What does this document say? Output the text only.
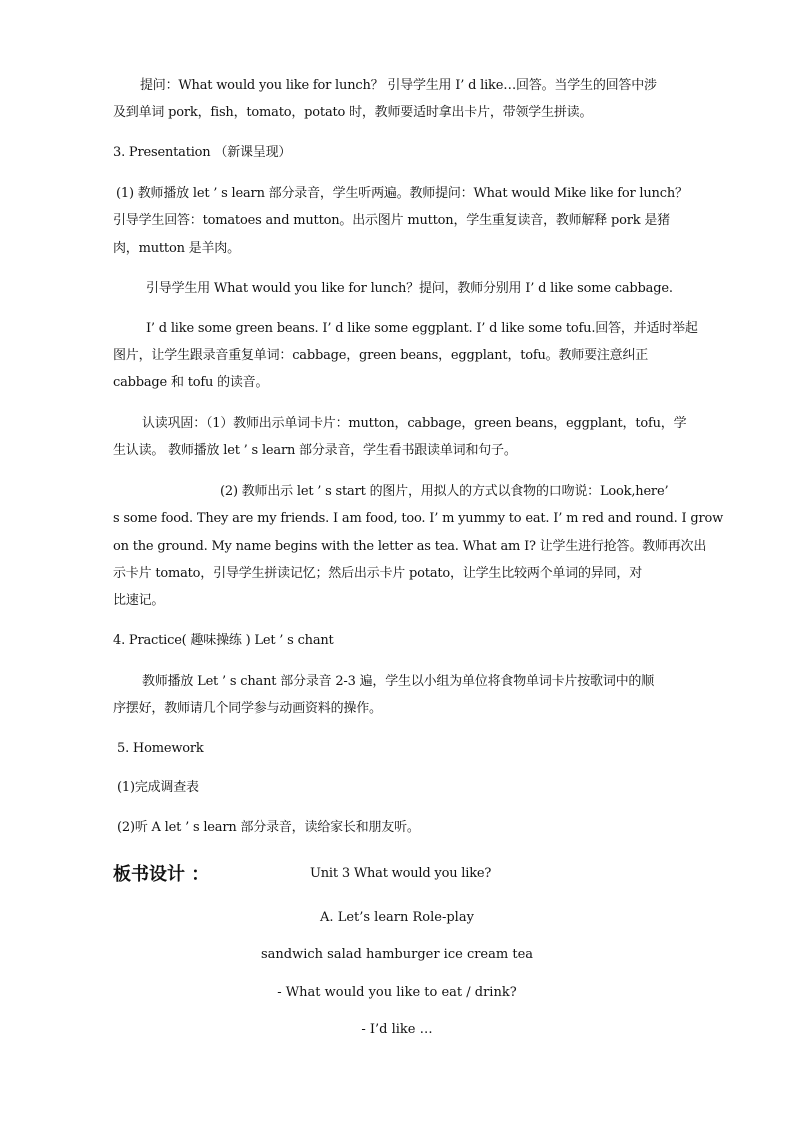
提问：What would you like for lunch？ 引导学生用 I’ d like…回答。当学生的回答中涉
及到单词 pork，fish，tomato，potato 时，教师要适时拿出卡片，带领学生拼读。
3. Presentation （新课呈现）
(1) 教师播放 let ’ s learn 部分录音，学生听两遍。教师提问：What would Mike like for lunch？
引导学生回答：tomatoes and mutton。出示图片 mutton，学生重复读音，教师解释 pork 是猪
肉，mutton 是羊肉。
引导学生用 What would you like for lunch？提问，教师分别用 I’ d like some cabbage.
I’ d like some green beans. I’ d like some eggplant. I’ d like some tofu.回答，并适时举起
图片，让学生跟录音重复单词：cabbage，green beans，eggplant，tofu。教师要注意纠正
cabbage 和 tofu 的读音。
认读巩固：（1）教师出示单词卡片：mutton，cabbage，green beans，eggplant，tofu，学
生认读。 教师播放 let ’ s learn 部分录音，学生看书跟读单词和句子。
(2) 教师出示 let ’ s start 的图片，用拟人的方式以食物的口吻说：Look,here’
s some food. They are my friends. I am food, too. I’ m yummy to eat. I’ m red and round. I grow
on the ground. My name begins with the letter as tea. What am I? 让学生进行抢答。教师再次出
示卡片 tomato，引导学生拼读记忆；然后出示卡片 potato，让学生比较两个单词的异同，对
比速记。
4. Practice( 趣味操练 ) Let ’ s chant
教师播放 Let ’ s chant 部分录音 2-3 遍，学生以小组为单位将食物单词卡片按歌词中的顺
序摆好，教师请几个同学参与动画资料的操作。
5. Homework
(1)完成调查表
(2)听 A let ’ s learn 部分录音，读给家长和朋友听。
板书设计 ：	Unit 3 What would you like?
A. Let’s learn Role-play
sandwich salad hamburger ice cream tea
- What would you like to eat / drink?
- I’d like …
